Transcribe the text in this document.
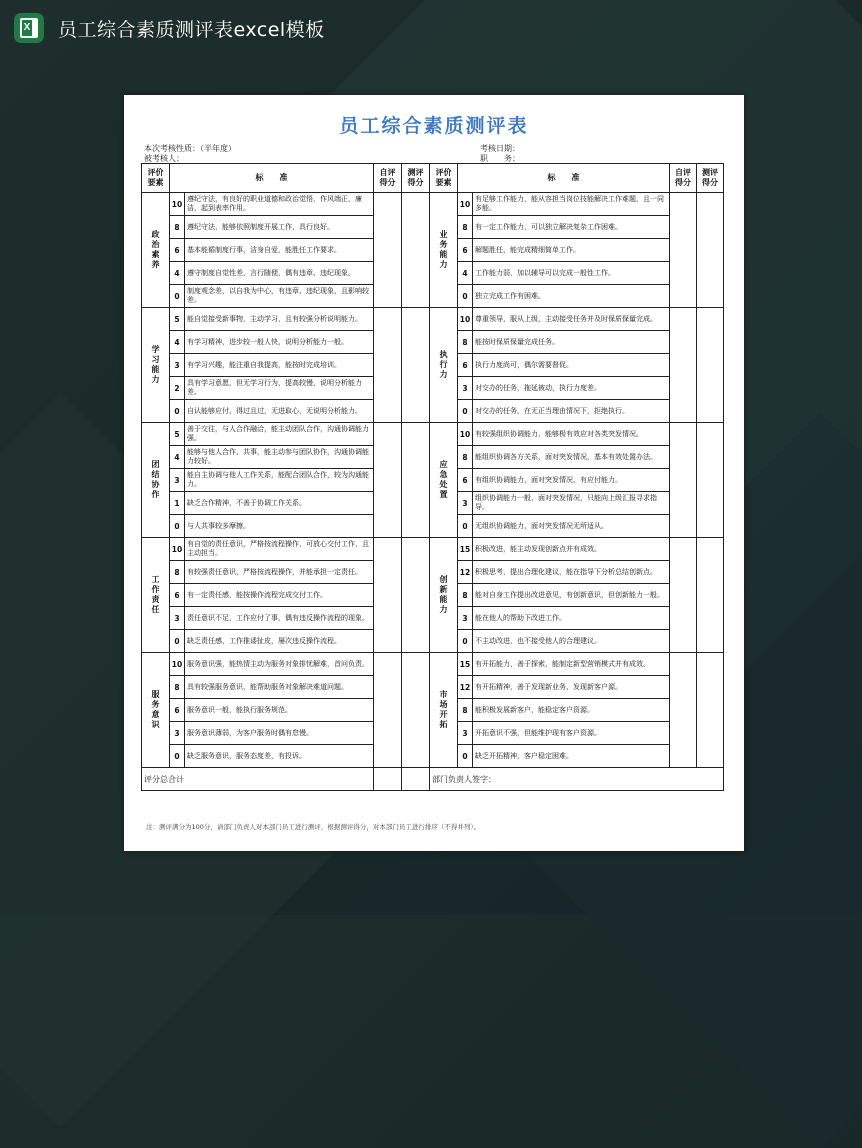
X 员工综合素质测评表excel模板
员工综合素质测评表
本次考核性质：（半年度）
被考核人：
考核日期：
职　　务：
评价要素	标　　准		自评得分	测评得分	评价要素	标　　准		自评得分	测评得分
政治素养	10	遵纪守法，有良好的职业道德和政治觉悟，作风端正，廉洁，起到表率作用。			业务能力	10	有足够工作能力，能从容担当岗位技能解决工作难题，且一同多能。		
	8	遵纪守法，能够依照制度开展工作，具行良好。				8	有一定工作能力，可以独立解决复杂工作困难。		
	6	基本能循制度行事，洁身自爱，能胜任工作要求。				6	解题胜任，能完成精细简单工作。		
	4	遵守制度自觉性差，言行随便，偶有违章、违纪现象。				4	工作能力弱，加以辅导可以完成一般性工作。		
	0	制度观念差，以自我为中心，有违章、违纪现象，且影响较差。				0	独立完成工作有困难。		
学习能力	5	能自觉接受新事物，主动学习，且有较强分析说明能力。			执行力	10	尊重领导，服从上级，主动接受任务并及时保质保量完成。		
	4	有学习精神，进步较一般人快，说明分析能力一般。				8	能按时保质保量完成任务。		
	3	有学习兴趣，能注重自我提高，能按时完成培训。				6	执行力度尚可，偶尔需要督促。		
	2	具有学习意愿，但无学习行为，提高较慢，说明分析能力差。				3	对交办的任务，拖延被动，执行力度差。		
	0	自认能够应付，得过且过，无进取心，无说明分析能力。				0	对交办的任务，在无正当理由情况下，拒绝执行。		
团结协作	5	善于交往，与人合作融洽，能主动团队合作，沟通协调能力强。			应急处置	10	有较强组织协调能力，能够极有效应对各类突发情况。		
	4	能够与他人合作、共事，能主动参与团队协作，沟通协调能力较好。				8	能组织协调各方关系，面对突发情况，基本有效处置办法。		
	3	能自主协调与他人工作关系，能配合团队合作，较为沟通能力。				6	有组织协调能力，面对突发情况，有应付能力。		
	1	缺乏合作精神，不善于协调工作关系。				3	组织协调能力一般，面对突发情况，只能向上级汇报寻求指导。		
	0	与人共事较多摩擦。				0	无组织协调能力，面对突发情况无所适从。		
工作责任	10	有自觉的责任意识，严格按流程操作，可放心交付工作，且主动担当。			创新能力	15	积极改进，能主动发现创新点并有成效。		
	8	有较强责任意识，严格按流程操作，并能承担一定责任。				12	积极思考，提出合理化建议，能在指导下分析总结创新点。		
	6	有一定责任感，能按操作流程完成交付工作。				8	能对自身工作提出改进意见，有创新意识，但创新能力一般。		
	3	责任意识不足，工作应付了事，偶有违反操作流程的现象。				3	能在他人的帮助下改进工作。		
	0	缺乏责任感，工作推诿扯皮，屡次违反操作流程。				0	不主动改进，也不接受他人的合理建议。		
服务意识	10	服务意识强，能热情主动为服务对象排忧解难，首问负责。			市场开拓	15	有开拓能力，善于探索，能制定新型营销模式并有成效。		
	8	具有较强服务意识，能帮助服务对象解决难道问题。				12	有开拓精神，善于发现新业务、发现新客户源。		
	6	服务意识一般，能执行服务规范。				8	能积极发展新客户，能稳定客户资源。		
	3	服务意识薄弱，为客户服务时偶有怠慢。				3	开拓意识不强，但能维护现有客户资源。		
	0	缺乏服务意识，服务态度差，有投诉。				0	缺乏开拓精神，客户稳定困难。		
评分总合计					部门负责人签字：				
注：测评满分为100分，请部门负责人对本部门员工进行测评，根据测评得分，对本部门员工进行排序（不得并列）。
